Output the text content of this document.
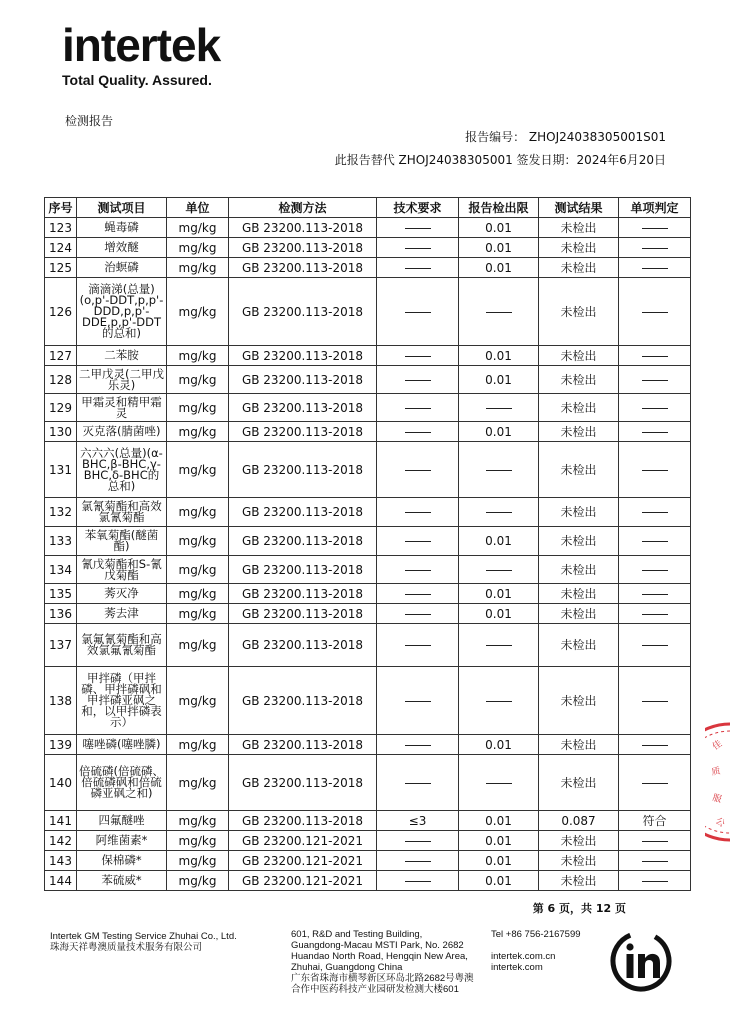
intertek
Total Quality. Assured.
检测报告
报告编号： ZHOJ24038305001S01
此报告替代 ZHOJ24038305001 签发日期：2024年6月20日
序号	测试项目	单位	检测方法	技术要求	报告检出限	测试结果	单项判定
123	蝇毒磷	mg/kg	GB 23200.113-2018		0.01	未检出	
124	增效醚	mg/kg	GB 23200.113-2018		0.01	未检出	
125	治螟磷	mg/kg	GB 23200.113-2018		0.01	未检出	
126	滴滴涕(总量)(o,p'-DDT,p,p'-DDD,p,p'-DDE,p,p'-DDT的总和)	mg/kg	GB 23200.113-2018			未检出	
127	二苯胺	mg/kg	GB 23200.113-2018		0.01	未检出	
128	二甲戊灵(二甲戊乐灵)	mg/kg	GB 23200.113-2018		0.01	未检出	
129	甲霜灵和精甲霜灵	mg/kg	GB 23200.113-2018			未检出	
130	灭克落(腈菌唑)	mg/kg	GB 23200.113-2018		0.01	未检出	
131	六六六(总量)(α-BHC,β-BHC,γ-BHC,δ-BHC的总和)	mg/kg	GB 23200.113-2018			未检出	
132	氯氰菊酯和高效氯氰菊酯	mg/kg	GB 23200.113-2018			未检出	
133	苯氧菊酯(醚菌酯)	mg/kg	GB 23200.113-2018		0.01	未检出	
134	氰戊菊酯和S-氰戊菊酯	mg/kg	GB 23200.113-2018			未检出	
135	莠灭净	mg/kg	GB 23200.113-2018		0.01	未检出	
136	莠去津	mg/kg	GB 23200.113-2018		0.01	未检出	
137	氯氟氰菊酯和高效氯氟氰菊酯	mg/kg	GB 23200.113-2018			未检出	
138	甲拌磷（甲拌磷、甲拌磷砜和甲拌磷亚砜之和，以甲拌磷表示）	mg/kg	GB 23200.113-2018			未检出	
139	噻唑磷(噻唑膦)	mg/kg	GB 23200.113-2018		0.01	未检出	
140	倍硫磷(倍硫磷、倍硫磷砜和倍硫磷亚砜之和)	mg/kg	GB 23200.113-2018			未检出	
141	四氟醚唑	mg/kg	GB 23200.113-2018	≤3	0.01	0.087	符合
142	阿维菌素*	mg/kg	GB 23200.121-2021		0.01	未检出	
143	保棉磷*	mg/kg	GB 23200.121-2021		0.01	未检出	
144	苯硫威*	mg/kg	GB 23200.121-2021		0.01	未检出	
第 6 页，共 12 页
Intertek GM Testing Service Zhuhai Co., Ltd.
珠海天祥粤澳质量技术服务有限公司
601, R&D and Testing Building,
Guangdong-Macau MSTI Park, No. 2682
Huandao North Road, Hengqin New Area,
Zhuhai, Guangdong China
广东省珠海市横琴新区环岛北路2682号粤澳
合作中医药科技产业园研发检测大楼601
Tel +86 756-2167599
intertek.com.cn
intertek.com
佳
质
服
公
